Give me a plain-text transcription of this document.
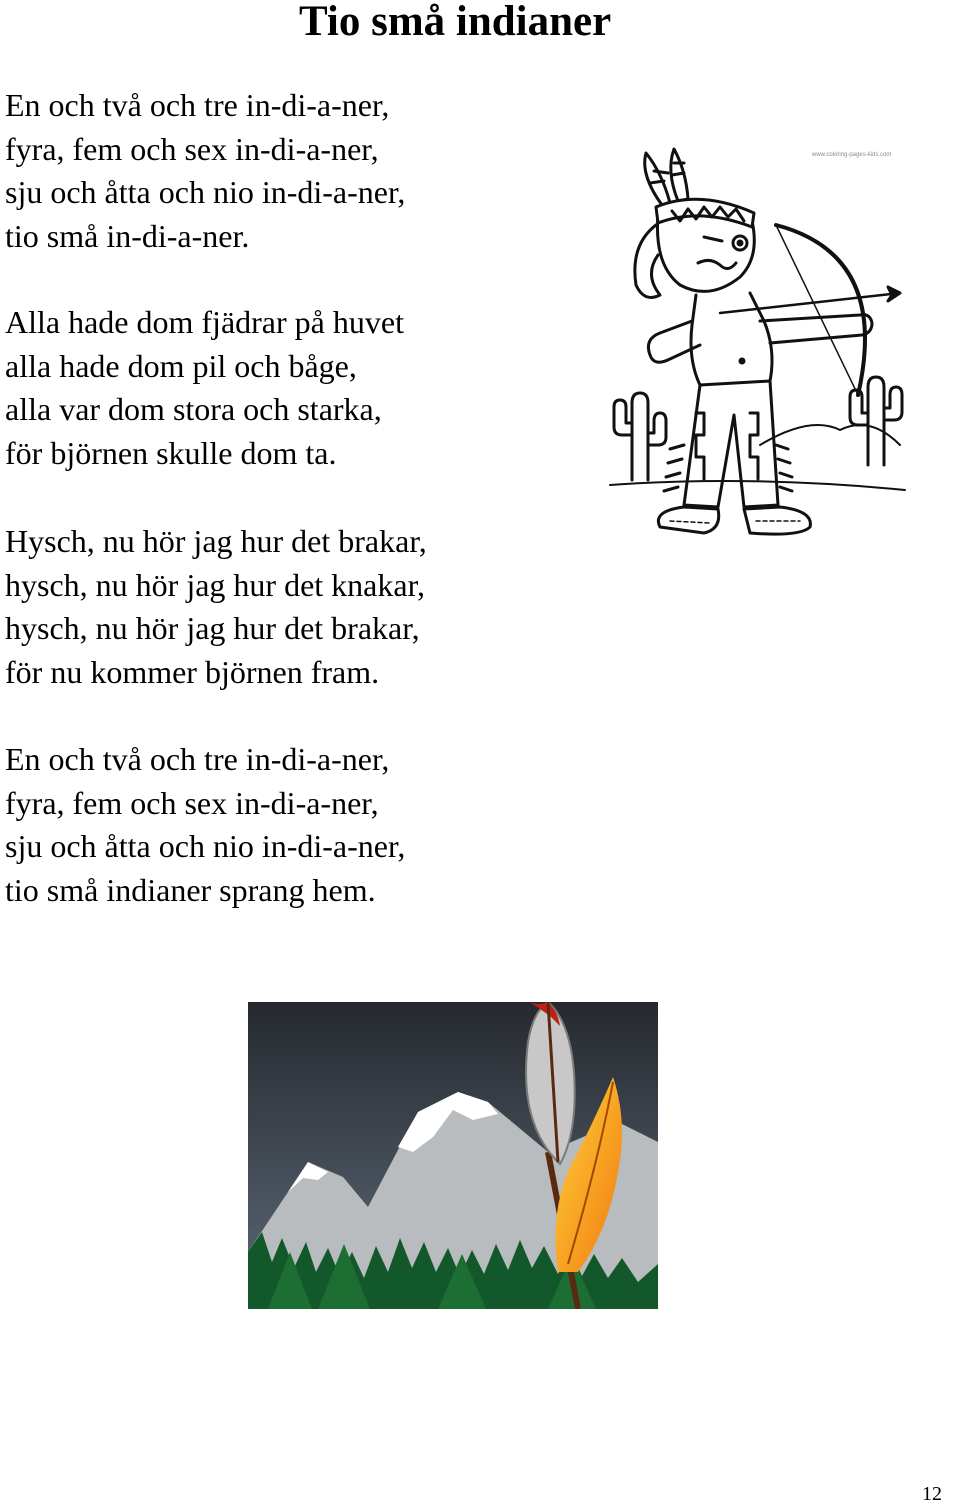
Tio små indianer
En och två och tre in-di-a-ner,
fyra, fem och sex in-di-a-ner,
sju och åtta och nio in-di-a-ner,
tio små in-di-a-ner.
Alla hade dom fjädrar på huvet
alla hade dom pil och båge,
alla var dom stora och starka,
för björnen skulle dom ta.
Hysch, nu hör jag hur det brakar,
hysch, nu hör jag hur det knakar,
hysch, nu hör jag hur det brakar,
för nu kommer björnen fram.
En och två och tre in-di-a-ner,
fyra, fem och sex in-di-a-ner,
sju och åtta och nio in-di-a-ner,
tio små indianer sprang hem.
www.coloring-pages-kids.com
12
